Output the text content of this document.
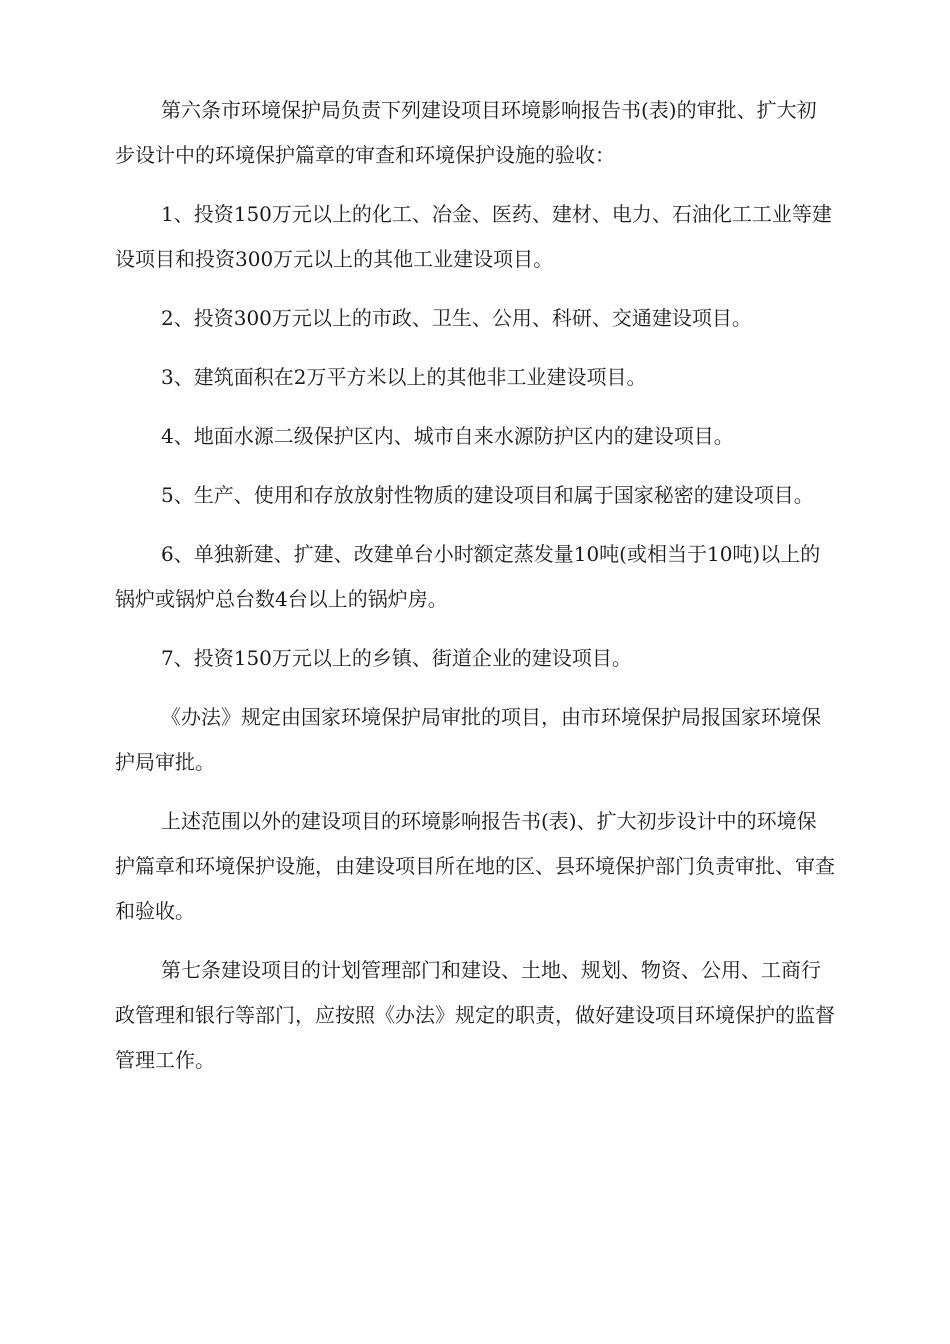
第六条市环境保护局负责下列建设项目环境影响报告书(表)的审批、扩大初步设计中的环境保护篇章的审查和环境保护设施的验收：

1、投资150万元以上的化工、冶金、医药、建材、电力、石油化工工业等建设项目和投资300万元以上的其他工业建设项目。

2、投资300万元以上的市政、卫生、公用、科研、交通建设项目。

3、建筑面积在2万平方米以上的其他非工业建设项目。

4、地面水源二级保护区内、城市自来水源防护区内的建设项目。

5、生产、使用和存放放射性物质的建设项目和属于国家秘密的建设项目。

6、单独新建、扩建、改建单台小时额定蒸发量10吨(或相当于10吨)以上的锅炉或锅炉总台数4台以上的锅炉房。

7、投资150万元以上的乡镇、街道企业的建设项目。

《办法》规定由国家环境保护局审批的项目，由市环境保护局报国家环境保护局审批。

上述范围以外的建设项目的环境影响报告书(表)、扩大初步设计中的环境保护篇章和环境保护设施，由建设项目所在地的区、县环境保护部门负责审批、审查和验收。

第七条建设项目的计划管理部门和建设、土地、规划、物资、公用、工商行政管理和银行等部门，应按照《办法》规定的职责，做好建设项目环境保护的监督管理工作。
